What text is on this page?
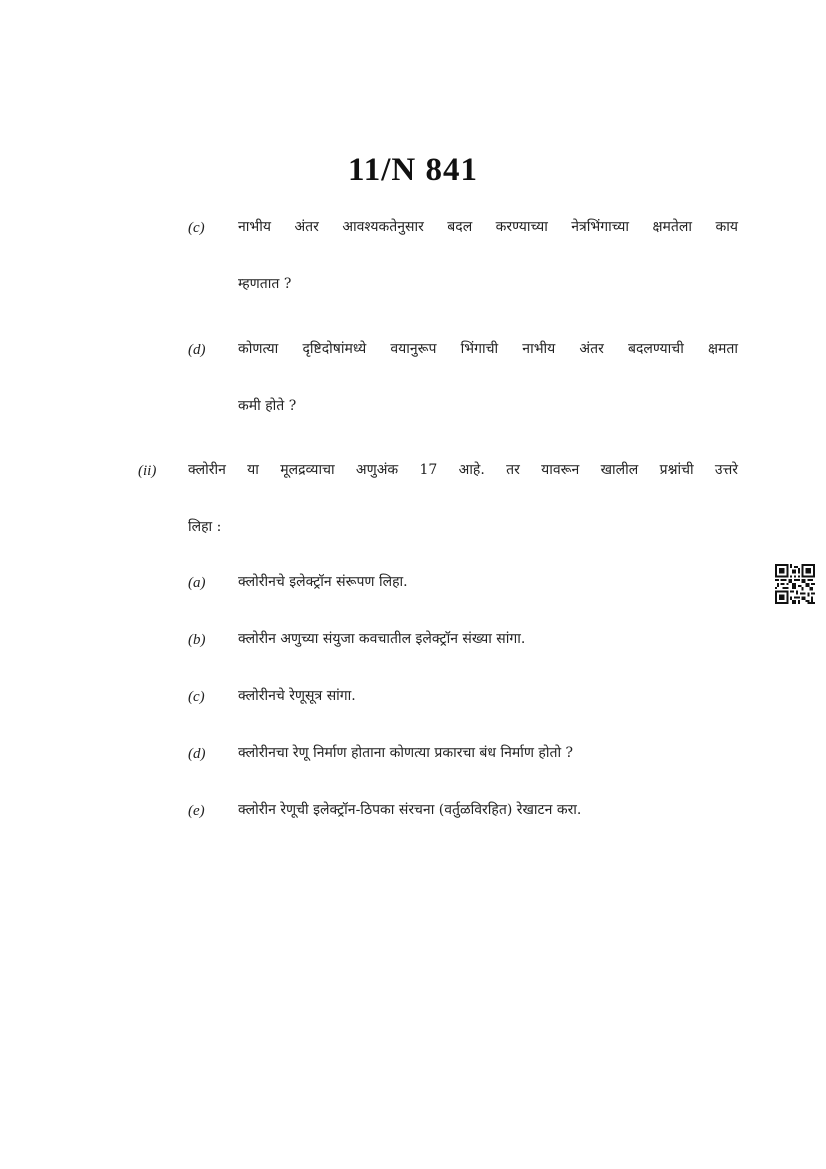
11/N 841
(c) नाभीय अंतर आवश्यकतेनुसार बदल करण्याच्या नेत्रभिंगाच्या क्षमतेला काय
म्हणतात ?
(d) कोणत्या दृष्टिदोषांमध्ये वयानुरूप भिंगाची नाभीय अंतर बदलण्याची क्षमता
कमी होते ?
(ii) क्लोरीन या मूलद्रव्याचा अणुअंक 17 आहे. तर यावरून खालील प्रश्नांची उत्तरे
लिहा :
(a) क्लोरीनचे इलेक्ट्रॉन संरूपण लिहा.
(b) क्लोरीन अणुच्या संयुजा कवचातील इलेक्ट्रॉन संख्या सांगा.
(c) क्लोरीनचे रेणूसूत्र सांगा.
(d) क्लोरीनचा रेणू निर्माण होताना कोणत्या प्रकारचा बंध निर्माण होतो ?
(e) क्लोरीन रेणूची इलेक्ट्रॉन-ठिपका संरचना (वर्तुळविरहित) रेखाटन करा.
